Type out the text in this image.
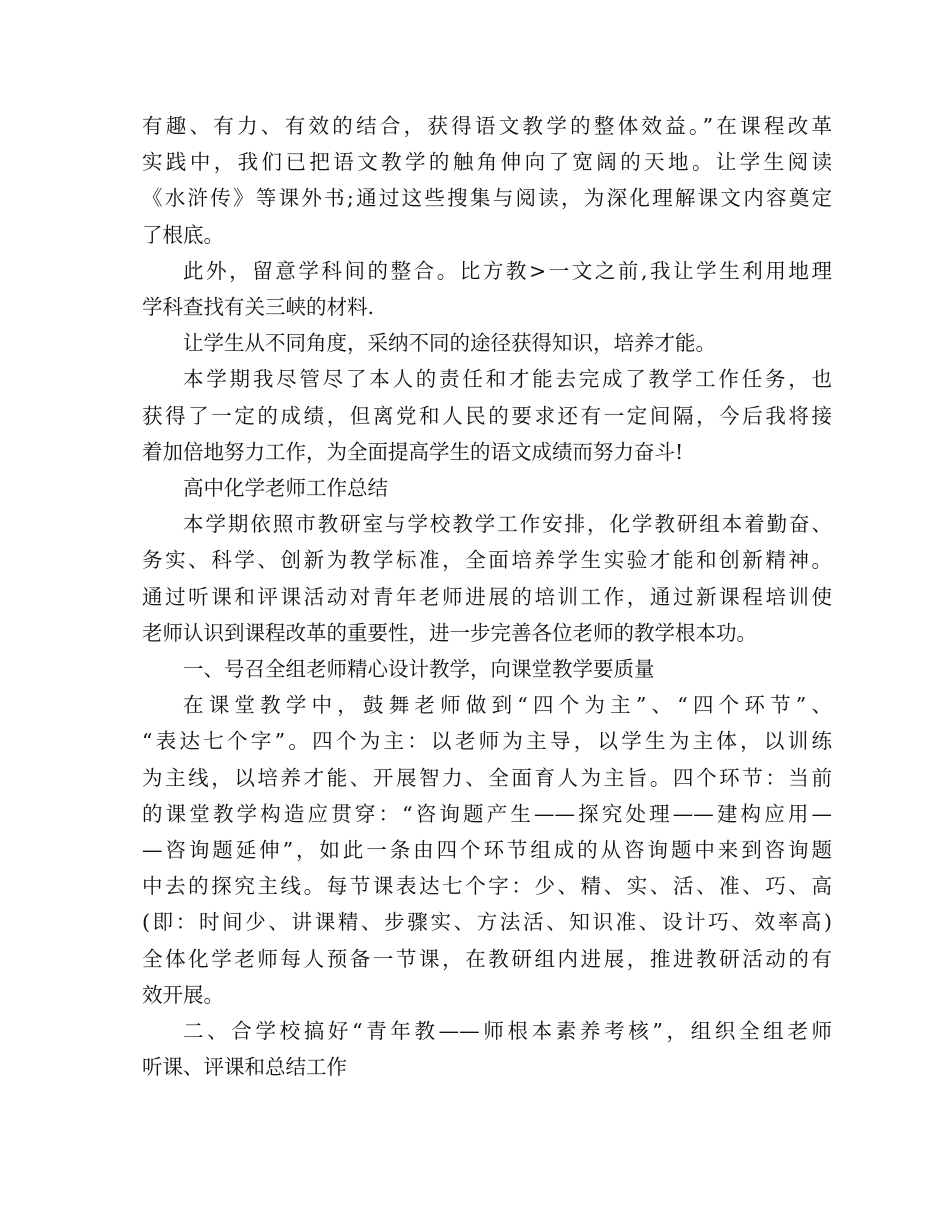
有趣、有力、有效的结合，获得语文教学的整体效益。”在课程改革
实践中，我们已把语文教学的触角伸向了宽阔的天地。让学生阅读
《水浒传》等课外书;通过这些搜集与阅读，为深化理解课文内容奠定
了根底。
此外，留意学科间的整合。比方教>一文之前,我让学生利用地理
学科查找有关三峡的材料.
让学生从不同角度，采纳不同的途径获得知识，培养才能。
本学期我尽管尽了本人的责任和才能去完成了教学工作任务，也
获得了一定的成绩，但离党和人民的要求还有一定间隔，今后我将接
着加倍地努力工作，为全面提高学生的语文成绩而努力奋斗!
高中化学老师工作总结
本学期依照市教研室与学校教学工作安排，化学教研组本着勤奋、
务实、科学、创新为教学标准，全面培养学生实验才能和创新精神。
通过听课和评课活动对青年老师进展的培训工作，通过新课程培训使
老师认识到课程改革的重要性，进一步完善各位老师的教学根本功。
一、号召全组老师精心设计教学，向课堂教学要质量
在课堂教学中，鼓舞老师做到“四个为主”、“四个环节”、
“表达七个字”。四个为主：以老师为主导，以学生为主体，以训练
为主线，以培养才能、开展智力、全面育人为主旨。四个环节：当前
的课堂教学构造应贯穿：“咨询题产生——探究处理——建构应用—
—咨询题延伸”，如此一条由四个环节组成的从咨询题中来到咨询题
中去的探究主线。每节课表达七个字：少、精、实、活、准、巧、高
(即：时间少、讲课精、步骤实、方法活、知识准、设计巧、效率高)
全体化学老师每人预备一节课，在教研组内进展，推进教研活动的有
效开展。
二、合学校搞好“青年教——师根本素养考核”，组织全组老师
听课、评课和总结工作
